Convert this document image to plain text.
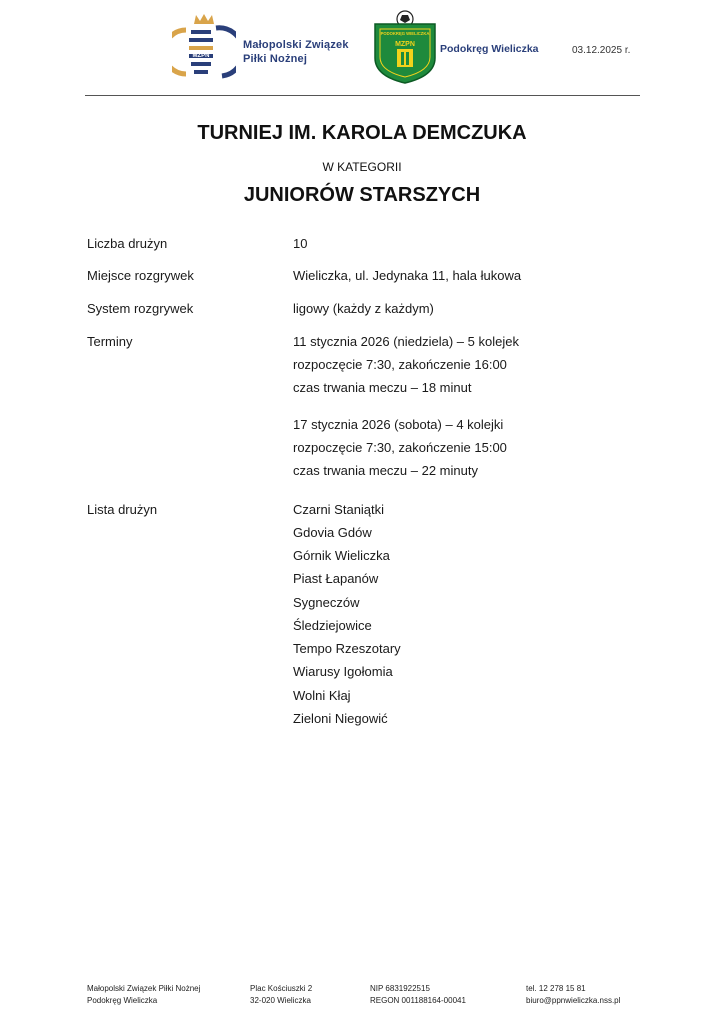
MZPN
Małopolski Związek
Piłki Nożnej
PODOKRĘG WIELICZKA
MZPN Podokręg Wieliczka	03.12.2025 r.
TURNIEJ IM. KAROLA DEMCZUKA
W KATEGORII
JUNIORÓW STARSZYCH
Liczba drużyn	10
Miejsce rozgrywek	Wieliczka, ul. Jedynaka 11, hala łukowa
System rozgrywek	ligowy (każdy z każdym)
Terminy	11 stycznia 2026 (niedziela) – 5 kolejek
rozpoczęcie 7:30, zakończenie 16:00
czas trwania meczu – 18 minut
17 stycznia 2026 (sobota) – 4 kolejki
rozpoczęcie 7:30, zakończenie 15:00
czas trwania meczu – 22 minuty
Lista drużyn	Czarni Staniątki
Gdovia Gdów
Górnik Wieliczka
Piast Łapanów
Sygneczów
Śledziejowice
Tempo Rzeszotary
Wiarusy Igołomia
Wolni Kłaj
Zieloni Niegowić
Małopolski Związek Piłki Nożnej
Podokręg Wieliczka
Plac Kościuszki 2
32-020 Wieliczka
NIP 6831922515
REGON 001188164-00041
tel. 12 278 15 81
biuro@ppnwieliczka.nss.pl
